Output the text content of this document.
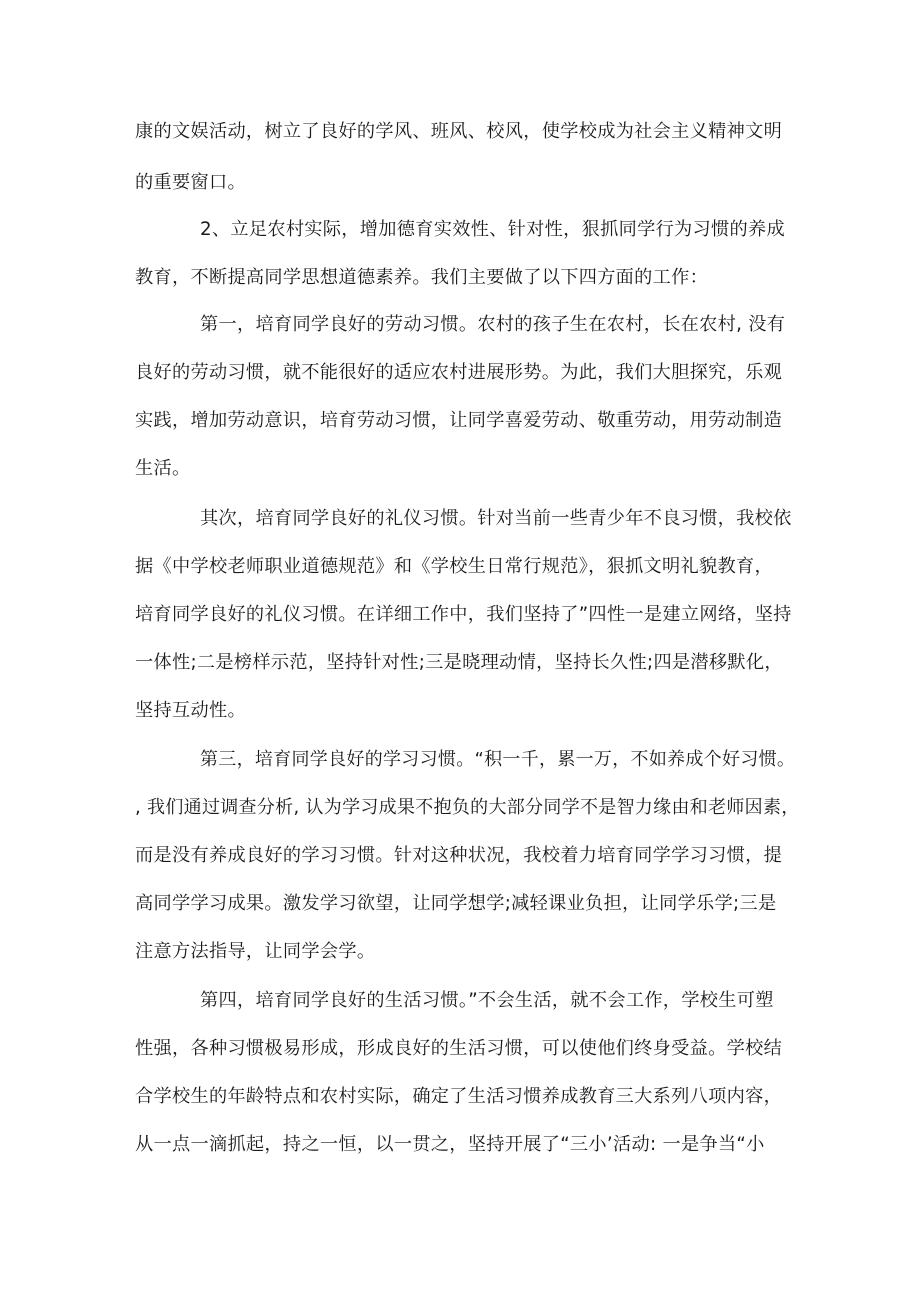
康的文娱活动，树立了良好的学风、班风、校风，使学校成为社会主义精神文明
的重要窗口。
2、立足农村实际，增加德育实效性、针对性，狠抓同学行为习惯的养成
教育，不断提高同学思想道德素养。我们主要做了以下四方面的工作：
第一，培育同学良好的劳动习惯。农村的孩子生在农村，长在农村, 没有
良好的劳动习惯，就不能很好的适应农村进展形势。为此，我们大胆探究，乐观
实践，增加劳动意识，培育劳动习惯，让同学喜爱劳动、敬重劳动，用劳动制造
生活。
其次，培育同学良好的礼仪习惯。针对当前一些青少年不良习惯，我校依
据《中学校老师职业道德规范》和《学校生日常行规范》，狠抓文明礼貌教育，
培育同学良好的礼仪习惯。在详细工作中，我们坚持了”四性一是建立网络，坚持
一体性;二是榜样示范，坚持针对性;三是晓理动情，坚持长久性;四是潜移默化，
坚持互动性。
第三，培育同学良好的学习习惯。“积一千，累一万，不如养成个好习惯。
, 我们通过调查分析, 认为学习成果不抱负的大部分同学不是智力缘由和老师因素，
而是没有养成良好的学习习惯。针对这种状况，我校着力培育同学学习习惯，提
高同学学习成果。激发学习欲望，让同学想学;减轻课业负担，让同学乐学;三是
注意方法指导，让同学会学。
第四，培育同学良好的生活习惯。”不会生活，就不会工作，学校生可塑
性强，各种习惯极易形成，形成良好的生活习惯，可以使他们终身受益。学校结
合学校生的年龄特点和农村实际，确定了生活习惯养成教育三大系列八项内容，
从一点一滴抓起，持之一恒，以一贯之，坚持开展了“三小’活动: 一是争当“小
